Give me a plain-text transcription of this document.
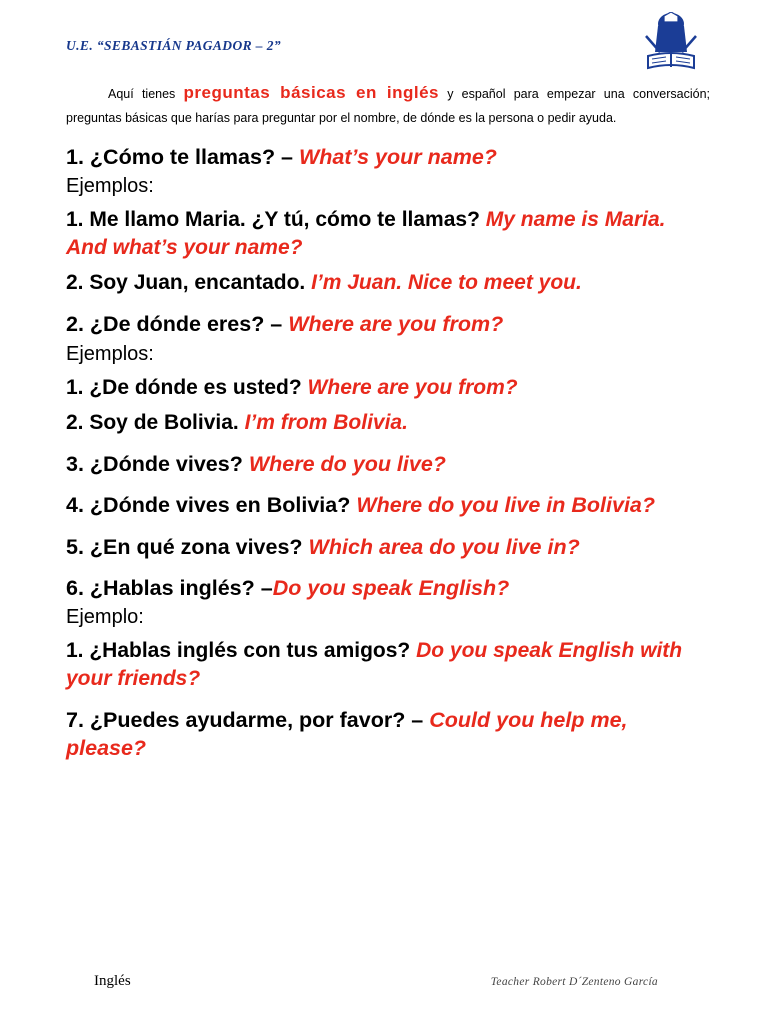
U.E. “SEBASTIÁN PAGADOR – 2”

Aquí tienes preguntas básicas en inglés y español para empezar una conversación; preguntas básicas que harías para preguntar por el nombre, de dónde es la persona o pedir ayuda.

1. ¿Cómo te llamas? – What’s your name?

Ejemplos:

1. Me llamo Maria. ¿Y tú, cómo te llamas? My name is Maria. And what’s your name?

2. Soy Juan, encantado. I’m Juan. Nice to meet you.

2. ¿De dónde eres? – Where are you from?

Ejemplos:

1. ¿De dónde es usted? Where are you from?

2. Soy de Bolivia. I’m from Bolivia.

3. ¿Dónde vives? Where do you live?

4. ¿Dónde vives en Bolivia? Where do you live in Bolivia?

5. ¿En qué zona vives? Which area do you live in?

6. ¿Hablas inglés? –Do you speak English?

Ejemplo:

1. ¿Hablas inglés con tus amigos? Do you speak English with your friends?

7. ¿Puedes ayudarme, por favor? – Could you help me, please?

Inglés	Teacher Robert D´Zenteno García
